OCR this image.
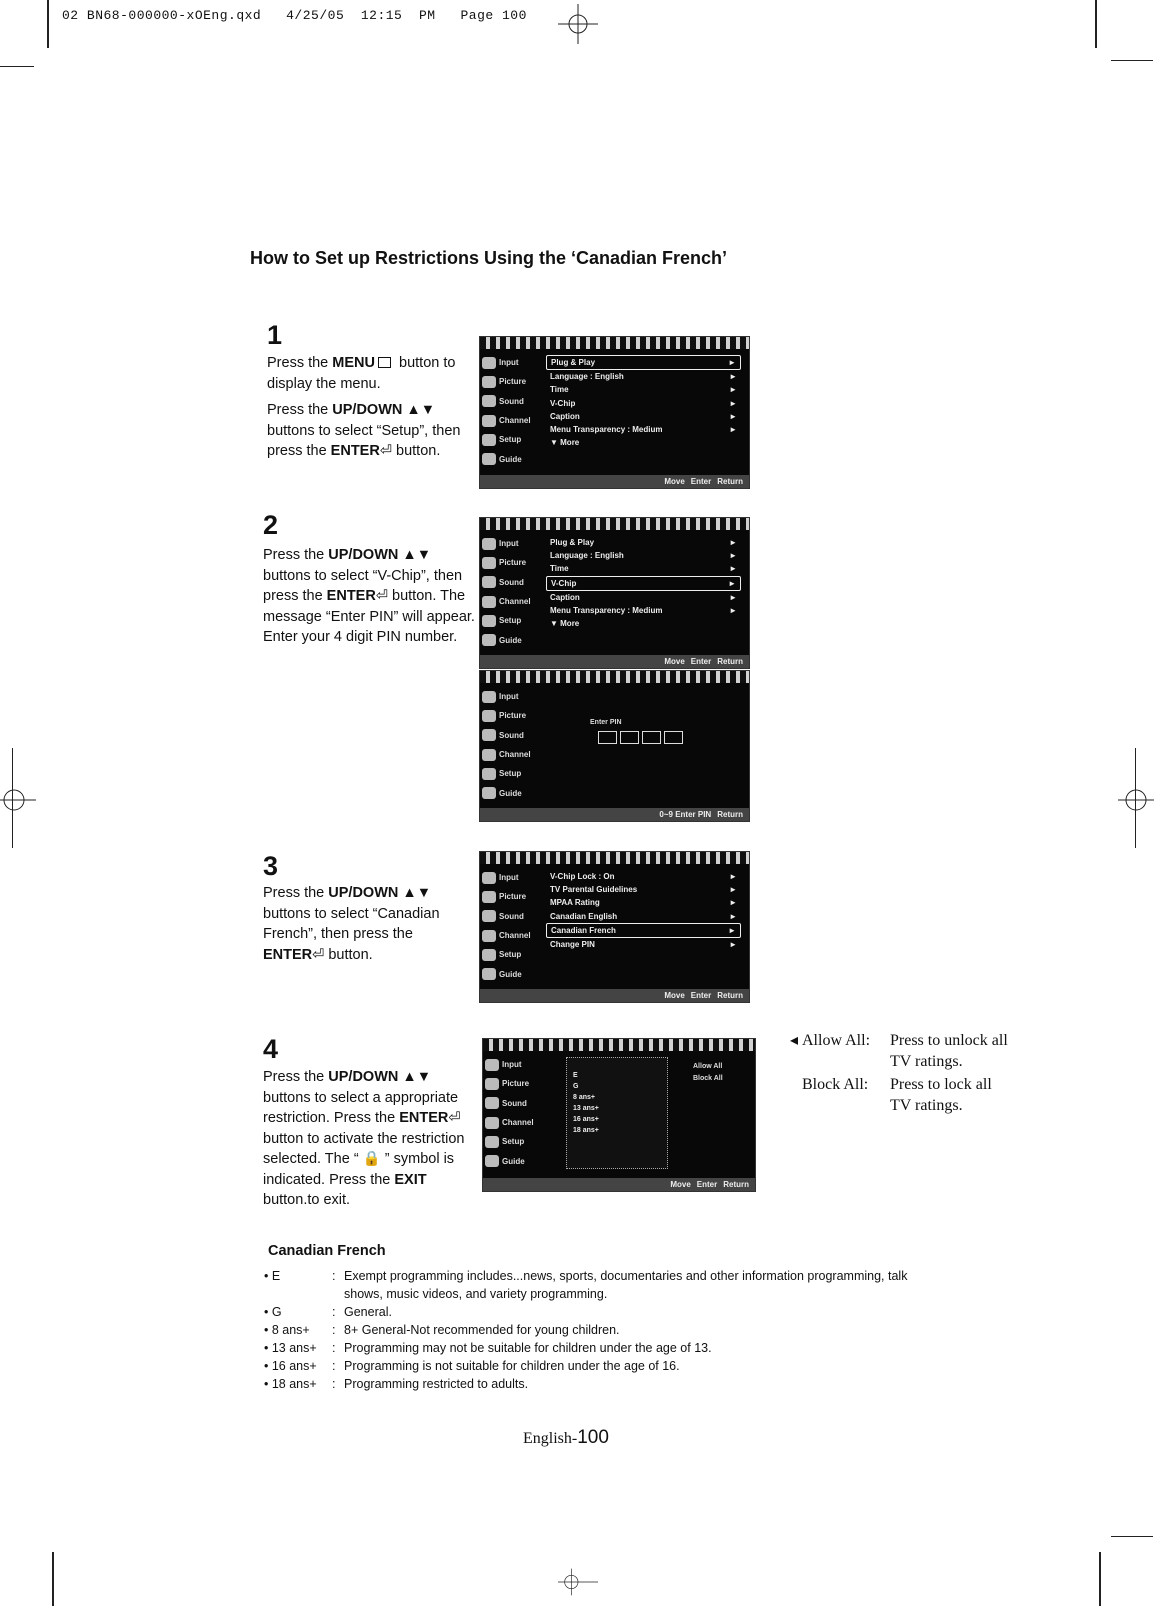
02 BN68-000000-xOEng.qxd   4/25/05  12:15  PM   Page 100
How to Set up Restrictions Using the ‘Canadian French’
1

Press the MENU button to display the menu.

Press the UP/DOWN ▲▼ buttons to select “Setup”, then press the ENTER⏎ button.

Input
Picture
Sound
Channel
Setup
Guide
Plug & Play	►
Language : English	►
Time	►
V-Chip	►
Caption	►
Menu Transparency : Medium	►
▼ More
Move Enter Return
2
Press the UP/DOWN ▲▼ buttons to select “V-Chip”, then press the ENTER⏎ button. The message “Enter PIN” will appear. Enter your 4 digit PIN number.
Input
Picture
Sound
Channel
Setup
Guide
Plug & Play	►
Language : English	►
Time	►
V-Chip	►
Caption	►
Menu Transparency : Medium	►
▼ More
Move Enter Return
Input
Picture
Sound
Channel
Setup
Guide
Enter PIN
0~9 Enter PIN Return
3
Press the UP/DOWN ▲▼ buttons to select “Canadian French”, then press the ENTER⏎ button.
Input
Picture
Sound
Channel
Setup
Guide
V-Chip Lock : On	►
TV Parental Guidelines	►
MPAA Rating	►
Canadian English	►
Canadian French	►
Change PIN	►
Move Enter Return
4
Press the UP/DOWN ▲▼ buttons to select a appropriate restriction. Press the ENTER⏎ button to activate the restriction selected. The “ 🔒 ” symbol is indicated. Press the EXIT button.to exit.
Input
Picture
Sound
Channel
Setup
Guide
E
G
8 ans+
13 ans+
16 ans+
18 ans+
Allow All
Block All
Move Enter Return
◂ Allow All:	Press to unlock all TV ratings.
Block All:	Press to lock all TV ratings.
Canadian French
• E	: Exempt programming includes...news, sports, documentaries and other information programming, talk shows, music videos, and variety programming.
• G	: General.
• 8 ans+	: 8+ General-Not recommended for young children.
• 13 ans+	: Programming may not be suitable for children under the age of 13.
• 16 ans+	: Programming is not suitable for children under the age of 16.
• 18 ans+	: Programming restricted to adults.
English-100
